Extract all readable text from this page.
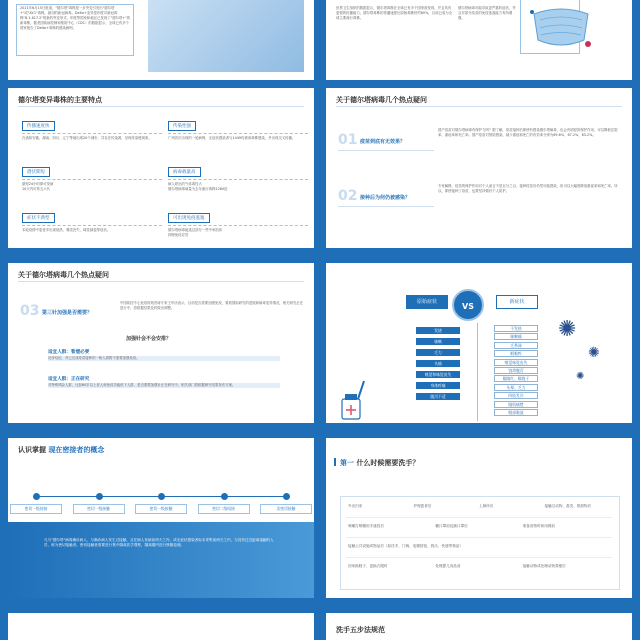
2021年6月15日报道，"德尔塔"毒株是一步突变引发出"德尔塔+"或"AY.1"毒株，最初的新冠病毒。Delta+变异是印度对新冠毒株"B.1.617.2"的新的突变形式，印度等国家和地区已发现了"德尔塔+"的新毒株，据美国疾病控制和预防中心（CDC）的数据显示，全球已有多个国家报告了Delta+毒株的感染病例。
世界卫生组织的数据显示，德尔塔毒株在全球已有多个国家被发现，并且具有更强的传播能力。德尔塔毒株的传播速度比原始毒株快约60%，目前已成为全球主要流行毒株。
德尔塔病毒可能导致更严重的症状，并且对部分疫苗的免疫逃逸能力有所增强。
德尔塔变异毒株的主要特点
传播速度快
在诸如安徽、湖南、四川、辽宁等地出现20个城市，共存在传染源，呈现传染链现象。
传染性强
广州首次出现的一轮病例，无症状感染者与1449均被该毒株感染，并出现交叉传播。
潜伏期短
最短24小时即可发病
10天内可传五六代
病毒载量高
病人呼出的气体毒性大
德尔塔病毒载量为去年流行毒株1260倍
症状不典型
本轮疫情中患者多出现低热、嗅觉丧失、味觉减退等症状。
可出现免疫逃逸
德尔塔病毒能逃过部分一些中和抗体
抑制免疫应答
关于德尔塔病毒几个热点疑问
01 疫苗到底有无效果？
国产疫苗对德尔塔病毒有保护力吗？据了解，疫苗接种后即使有感染德尔塔病毒，也会有明显的保护作用，可以降低住院率、重症率和死亡率。国产疫苗对预防感染、减少重症和死亡的有效率分别为69.6%、67.2%、63.2%。
02 接种后为何仍被感染？
专家解释，疫苗的保护作用对个人而言不是百分之百，接种疫苗后仍然可能感染，但可以大幅度降低重症率和死亡率。所以，即使接种了疫苗，也要坚持做好个人防护。
关于德尔塔病毒几个热点疑问
03 第三针加强是否需要？
中国疾控中心免疫规划首席专家王华庆表示，目前是否需要加强免疫，要看国际研究的进展和病毒变异情况，相关研究正在进行中，将根据结果及时做出调整。
加强针会不会安排？
适宜人群：暂缓必要
初步结论，对已完成疫苗接种的一般人群暂不需要加强免疫。
适宜人群：正在研究
对特殊风险人群，比如60岁以上老人和免疫功能低下人群，是否需要加强针正在研究中。相关部门将根据研究结果发布方案。
原始症状	VS	新症状
发烧
咳嗽
乏力
头痛
嗅觉和味觉丧失
身体疼痛
腹泻不适
不发热
咳嗽痛
乏鼻涕
咽喉疼
嗅觉味觉丧失
饶命腹泻
眼睛红、喉咙干
头晕、乏力
四肢发冷
眼肌痛楚
咽部黏液
✺
✺
✺
认识掌握 现在密接者的概念
密切一级间接	密切一级接触	密切一级接触	密切二级间接	次密切接触
凡与"德尔塔"病毒确诊病人，与确诊病人发生过接触，且在病人发病前两天之内，或无症状感染者标本采集前两天之内，与其有过近距离接触的人员，称为密切接触者。密切接触者需要进行集中隔离医学观察，隔离期内进行核酸检测。
第一 什么时候需要洗手？
外出归来	护理患者后	上厕所后	接触过动物、禽类、排泄物后
咳嗽打喷嚏用手遮挡后	戴口罩前及摘口罩后	准备食物时和用餐前
接触公共设施或物品后（如扶手、门柄、电梯按钮、钱币、快递等物品）
回家换鞋子、更换衣服时	处理婴儿食品前	接触动物或处理动物粪便后
洗手五步法规范
